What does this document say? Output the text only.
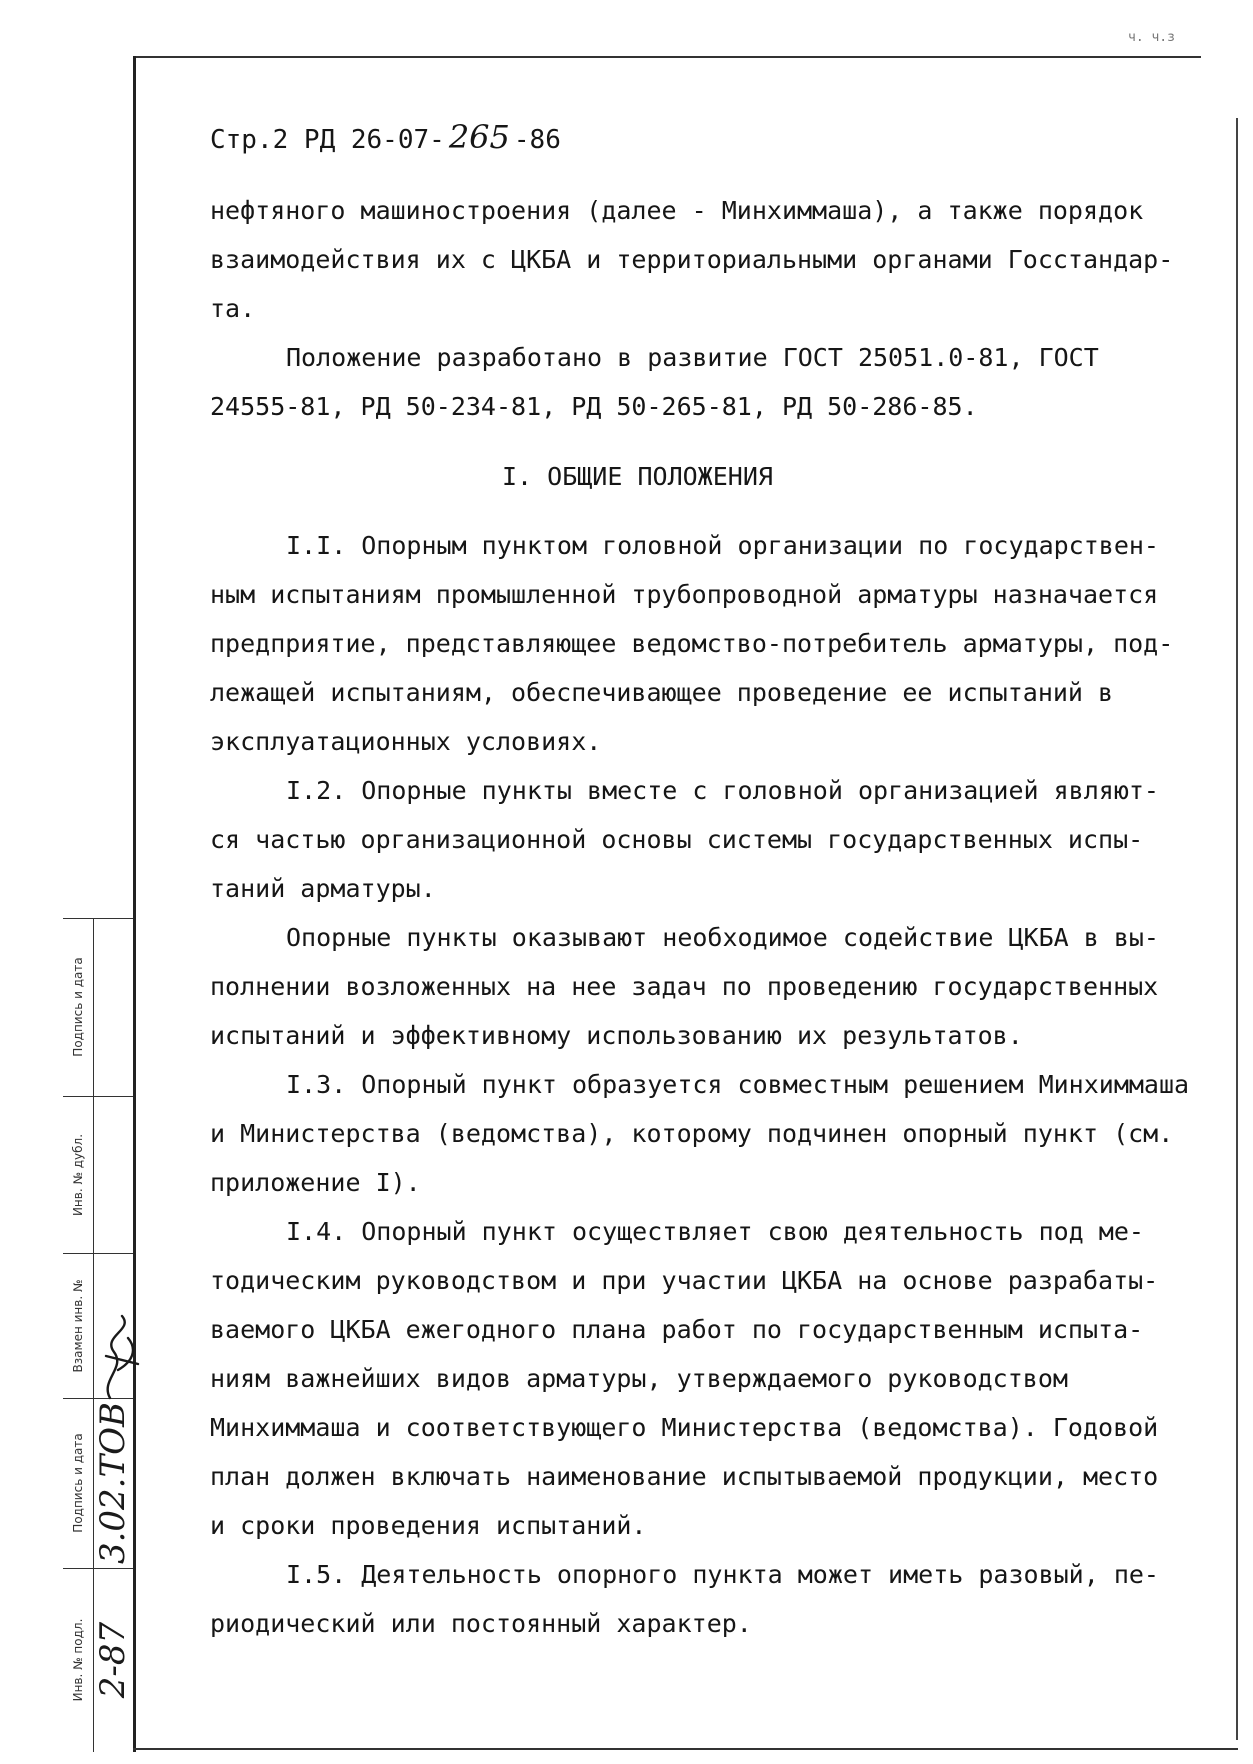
ч. ч.з
Стр.2 РД 26-07- 265 -86

нефтяного машиностроения (далее - Минхиммаша), а также порядок
взаимодействия их с ЦКБА и территориальными органами Госстандар-
та.

Положение разработано в развитие ГОСТ 25051.0-81, ГОСТ
24555-81, РД 50-234-81, РД 50-265-81, РД 50-286-85.

I. ОБЩИЕ ПОЛОЖЕНИЯ

I.I. Опорным пунктом головной организации по государствен-
ным испытаниям промышленной трубопроводной арматуры назначается
предприятие, представляющее ведомство-потребитель арматуры, под-
лежащей испытаниям, обеспечивающее проведение ее испытаний в
эксплуатационных условиях.

I.2. Опорные пункты вместе с головной организацией являют-
ся частью организационной основы системы государственных испы-
таний арматуры.

Опорные пункты оказывают необходимое содействие ЦКБА в вы-
полнении возложенных на нее задач по проведению государственных
испытаний и эффективному использованию их результатов.

I.3. Опорный пункт образуется совместным решением Минхиммаша
и Министерства (ведомства), которому подчинен опорный пункт (см.
приложение I).

I.4. Опорный пункт осуществляет свою деятельность под ме-
тодическим руководством и при участии ЦКБА на основе разрабаты-
ваемого ЦКБА ежегодного плана работ по государственным испыта-
ниям важнейших видов арматуры, утверждаемого руководством
Минхиммаша и соответствующего Министерства (ведомства). Годовой
план должен включать наименование испытываемой продукции, место
и сроки проведения испытаний.

I.5. Деятельность опорного пункта может иметь разовый, пе-
риодический или постоянный характер.

Подпись и дата
Инв. № дубл.
Взамен инв. №
Подпись и дата 3.02.ТОВ
Инв. № подл. 2-87
